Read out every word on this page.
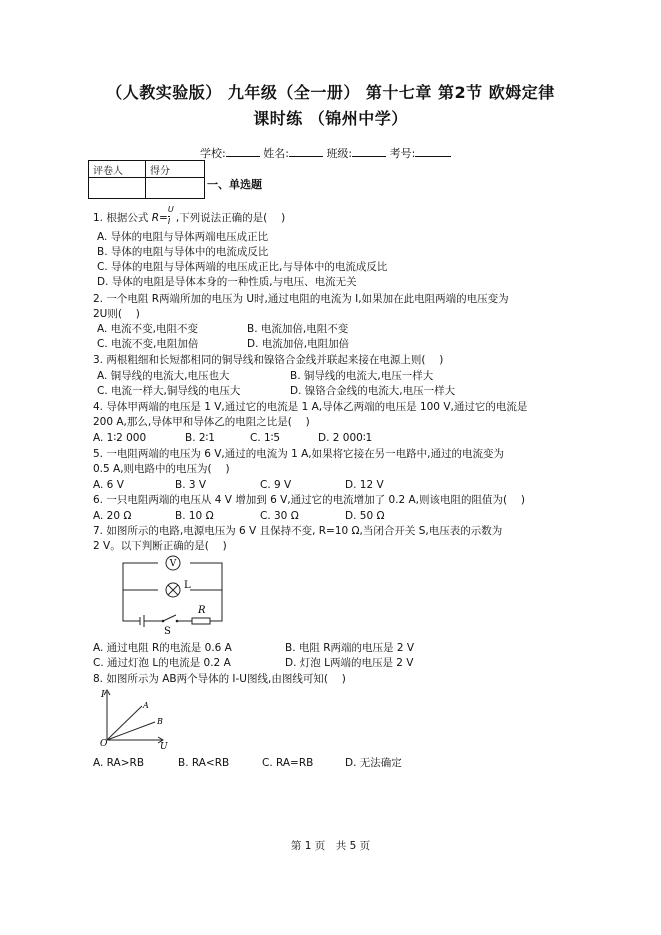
（人教实验版） 九年级（全一册） 第十七章 第2节 欧姆定律
课时练 （锦州中学）
学校:	姓名:	班级:	考号:
评卷人	得分

一、单选题
1. 根据公式 $R= \frac{U}{_I}$,下列说法正确的是(　 )
A. 导体的电阻与导体两端电压成正比
B. 导体的电阻与导体中的电流成反比
C. 导体的电阻与导体两端的电压成正比,与导体中的电流成反比
D. 导体的电阻是导体本身的一种性质,与电压、电流无关
2. 一个电阻 R两端所加的电压为 U时,通过电阻的电流为 I,如果加在此电阻两端的电压变为
2U则(　 )
A. 电流不变,电阻不变	B. 电流加倍,电阻不变
C. 电流不变,电阻加倍	D. 电流加倍,电阻加倍
3. 两根粗细和长短都相同的铜导线和镍铬合金线并联起来接在电源上则(　 )
A. 铜导线的电流大,电压也大	B. 铜导线的电流大,电压一样大
C. 电流一样大,铜导线的电压大	D. 镍铬合金线的电流大,电压一样大
4. 导体甲两端的电压是 1 V,通过它的电流是 1 A,导体乙两端的电压是 100 V,通过它的电流是
200 A,那么,导体甲和导体乙的电阻之比是(　 )
A. 1∶2 000	B. 2∶1	C. 1∶5	D. 2 000∶1
5. 一电阻两端的电压为 6 V,通过的电流为 1 A,如果将它接在另一电路中,通过的电流变为
0.5 A,则电路中的电压为(　 )
A. 6 V	B. 3 V	C. 9 V	D. 12 V
6. 一只电阻两端的电压从 4 V 增加到 6 V,通过它的电流增加了 0.2 A,则该电阻的阻值为(　 )
A. 20 Ω	B. 10 Ω	C. 30 Ω	D. 50 Ω
7. 如图所示的电路,电源电压为 6 V 且保持不变, R=10 Ω,当闭合开关 S,电压表的示数为
2 V。以下判断正确的是(　 )
V
L
R
S
A. 通过电阻 R的电流是 0.6 A	B. 电阻 R两端的电压是 2 V
C. 通过灯泡 L的电流是 0.2 A	D. 灯泡 L两端的电压是 2 V
8. 如图所示为 AB两个导体的 I-U图线,由图线可知(　 )
I
U
O
A
B
A. RA>RB	B. RA<RB	C. RA=RB	D. 无法确定
第 1 页　共 5 页
